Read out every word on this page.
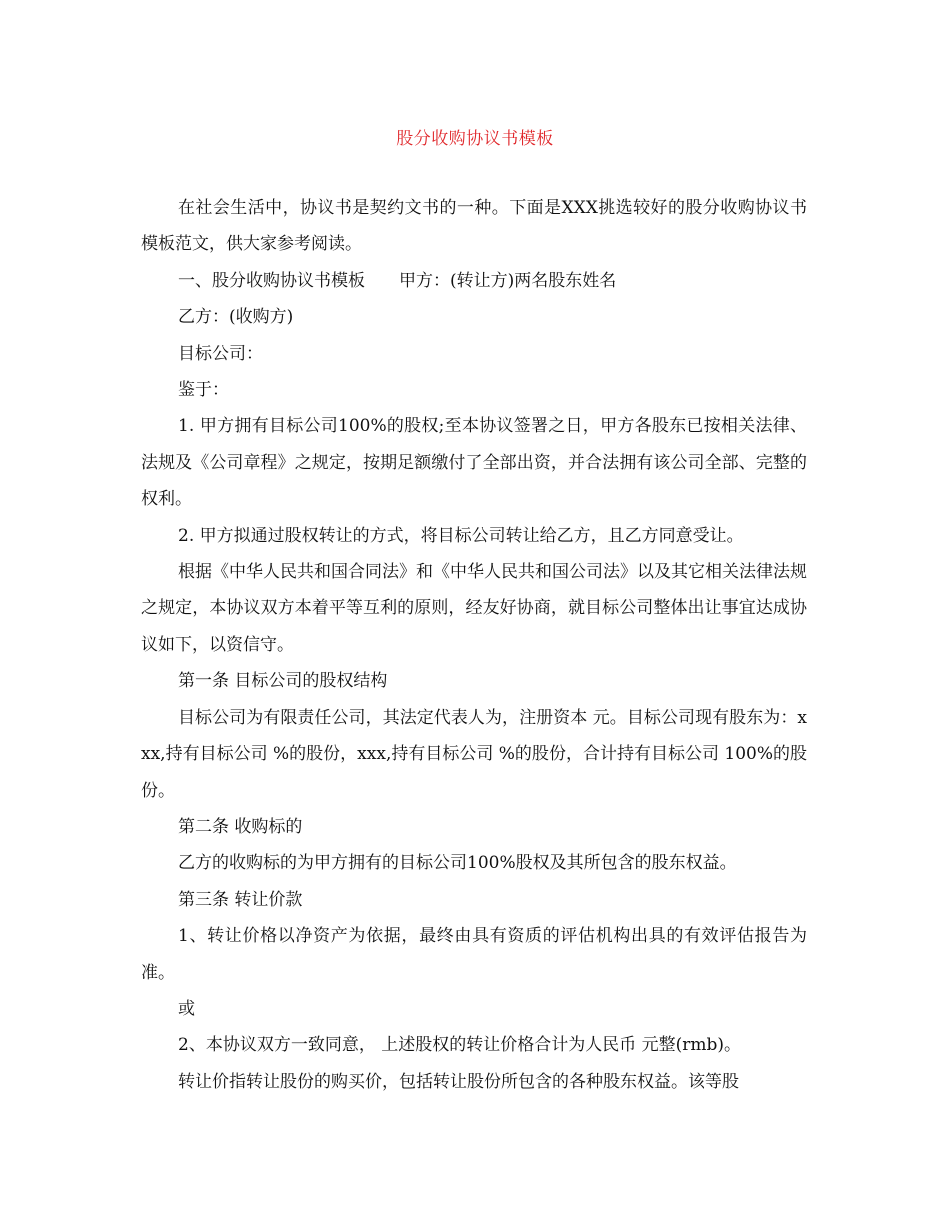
股分收购协议书模板

在社会生活中，协议书是契约文书的一种。下面是XXX挑选较好的股分收购协议书模板范文，供大家参考阅读。

一、股分收购协议书模板　　甲方：(转让方)两名股东姓名

乙方：(收购方)

目标公司：

鉴于：

1. 甲方拥有目标公司100%的股权;至本协议签署之日，甲方各股东已按相关法律、法规及《公司章程》之规定，按期足额缴付了全部出资，并合法拥有该公司全部、完整的权利。

2. 甲方拟通过股权转让的方式，将目标公司转让给乙方，且乙方同意受让。

根据《中华人民共和国合同法》和《中华人民共和国公司法》以及其它相关法律法规之规定，本协议双方本着平等互利的原则，经友好协商，就目标公司整体出让事宜达成协议如下，以资信守。

第一条 目标公司的股权结构

目标公司为有限责任公司，其法定代表人为，注册资本 元。目标公司现有股东为：xxx,持有目标公司 %的股份，xxx,持有目标公司 %的股份，合计持有目标公司 100%的股份。

第二条 收购标的

乙方的收购标的为甲方拥有的目标公司100%股权及其所包含的股东权益。

第三条 转让价款

1、转让价格以净资产为依据，最终由具有资质的评估机构出具的有效评估报告为准。

或

2、本协议双方一致同意， 上述股权的转让价格合计为人民币 元整(rmb)。

转让价指转让股份的购买价，包括转让股份所包含的各种股东权益。该等股
